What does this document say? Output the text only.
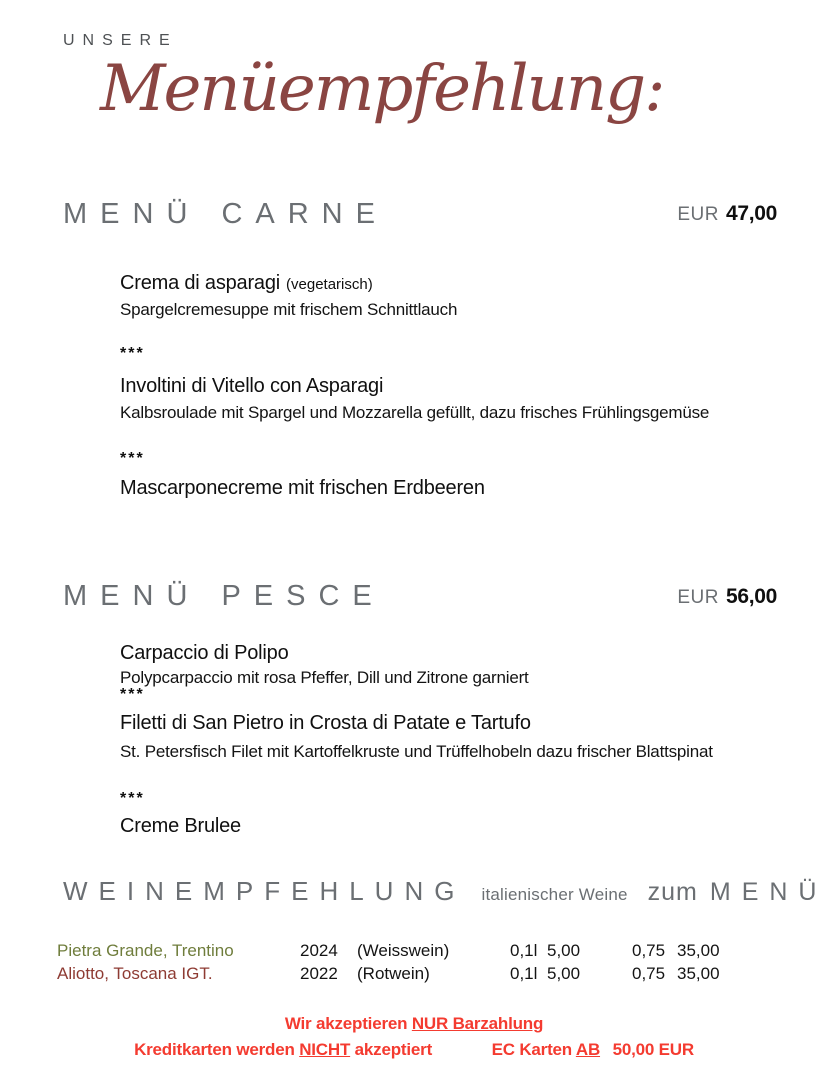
UNSERE
Menüempfehlung:
MENÜ CARNE	EUR 47,00
Crema di asparagi (vegetarisch)
Spargelcremesuppe mit frischem Schnittlauch
***
Involtini di Vitello con Asparagi
Kalbsroulade mit Spargel und Mozzarella gefüllt, dazu frisches Frühlingsgemüse
***
Mascarponecreme mit frischen Erdbeeren
MENÜ PESCE	EUR 56,00
Carpaccio di Polipo
Polypcarpaccio mit rosa Pfeffer, Dill und Zitrone garniert
***
Filetti di San Pietro in Crosta di Patate e Tartufo
St. Petersfisch Filet mit Kartoffelkruste und Trüffelhobeln dazu frischer Blattspinat
***
Creme Brulee
WEINEMPFEHLUNG italienischer Weine zum MENÜ
Pietra Grande, Trentino	2024 (Weisswein)	0,1l 5,00	0,75 35,00
Aliotto, Toscana IGT.	2022 (Rotwein)	0,1l 5,00	0,75 35,00
Wir akzeptieren NUR Barzahlung
Kreditkarten werden NICHT akzeptiert	EC Karten AB 50,00 EUR
